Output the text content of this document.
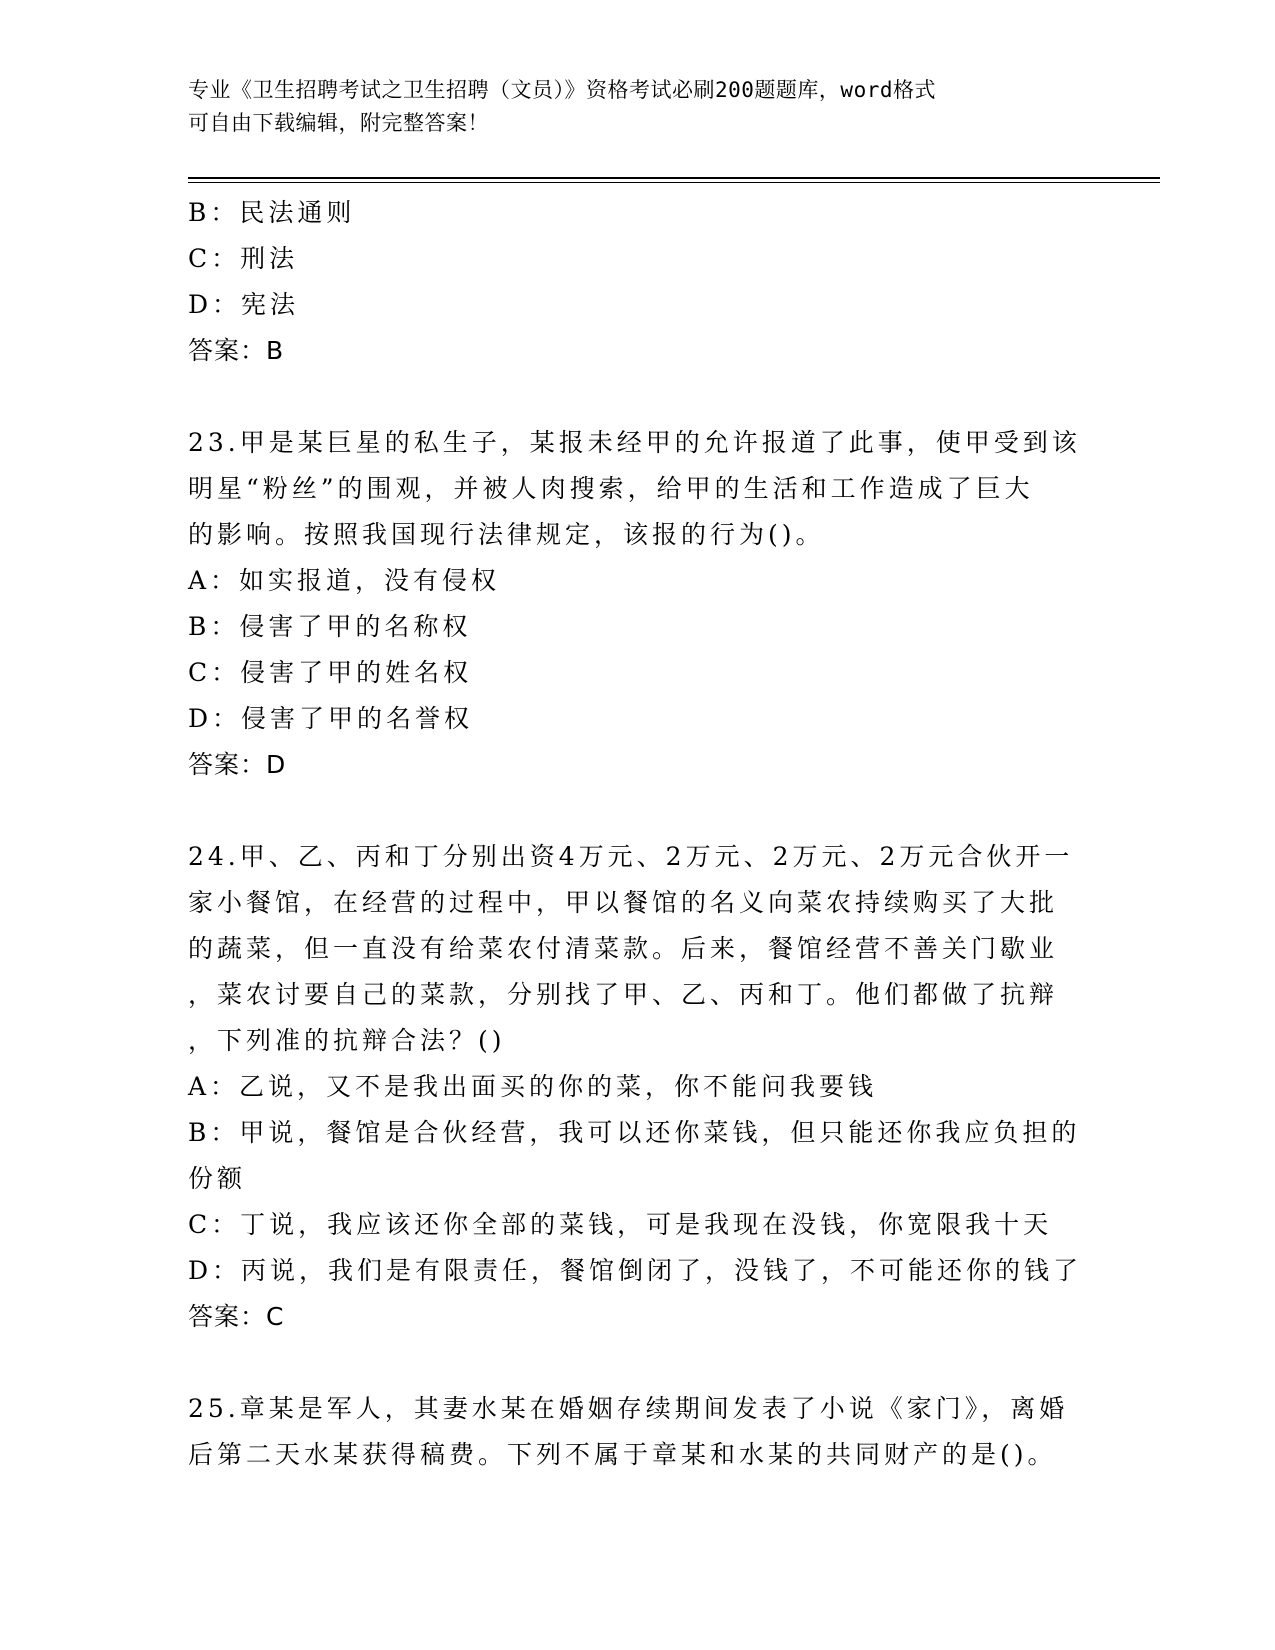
专业《卫生招聘考试之卫生招聘（文员）》资格考试必刷200题题库，word格式
可自由下载编辑，附完整答案！
B：民法通则
C：刑法
D：宪法
答案：B
23.甲是某巨星的私生子，某报未经甲的允许报道了此事，使甲受到该
明星“粉丝”的围观，并被人肉搜索，给甲的生活和工作造成了巨大
的影响。按照我国现行法律规定，该报的行为()。
A：如实报道，没有侵权
B：侵害了甲的名称权
C：侵害了甲的姓名权
D：侵害了甲的名誉权
答案：D
24.甲、乙、丙和丁分别出资4万元、2万元、2万元、2万元合伙开一
家小餐馆，在经营的过程中，甲以餐馆的名义向菜农持续购买了大批
的蔬菜，但一直没有给菜农付清菜款。后来，餐馆经营不善关门歇业
，菜农讨要自己的菜款，分别找了甲、乙、丙和丁。他们都做了抗辩
，下列准的抗辩合法？()
A：乙说，又不是我出面买的你的菜，你不能问我要钱
B：甲说，餐馆是合伙经营，我可以还你菜钱，但只能还你我应负担的
份额
C：丁说，我应该还你全部的菜钱，可是我现在没钱，你宽限我十天
D：丙说，我们是有限责任，餐馆倒闭了，没钱了，不可能还你的钱了
答案：C
25.章某是军人，其妻水某在婚姻存续期间发表了小说《家门》，离婚
后第二天水某获得稿费。下列不属于章某和水某的共同财产的是()。
